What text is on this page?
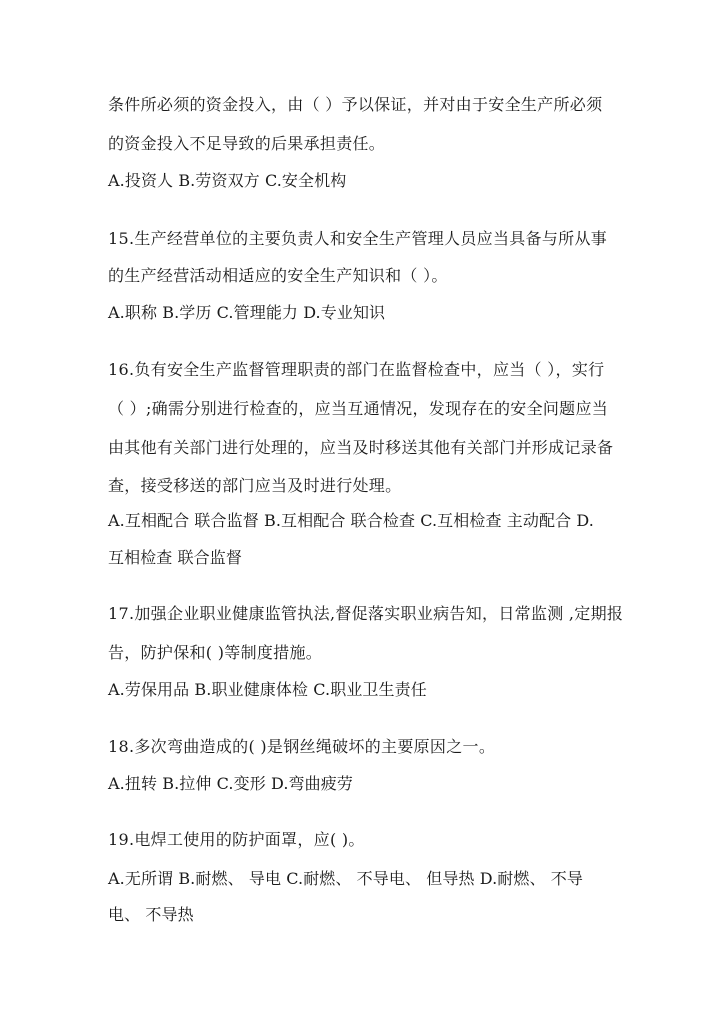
条件所必须的资金投入，由（ ）予以保证，并对由于安全生产所必须
的资金投入不足导致的后果承担责任。
A.投资人 B.劳资双方 C.安全机构
15.生产经营单位的主要负责人和安全生产管理人员应当具备与所从事
的生产经营活动相适应的安全生产知识和（ ）。
A.职称 B.学历 C.管理能力 D.专业知识
16.负有安全生产监督管理职责的部门在监督检查中，应当（ ），实行
（ ）;确需分别进行检查的，应当互通情况，发现存在的安全问题应当
由其他有关部门进行处理的，应当及时移送其他有关部门并形成记录备
查，接受移送的部门应当及时进行处理。
A.互相配合 联合监督 B.互相配合 联合检查 C.互相检查 主动配合 D.
互相检查 联合监督
17.加强企业职业健康监管执法,督促落实职业病告知，日常监测 ,定期报
告，防护保和( )等制度措施。
A.劳保用品 B.职业健康体检 C.职业卫生责任
18.多次弯曲造成的( )是钢丝绳破坏的主要原因之一。
A.扭转 B.拉伸 C.变形 D.弯曲疲劳
19.电焊工使用的防护面罩，应( )。
A.无所谓 B.耐燃、 导电 C.耐燃、 不导电、 但导热 D.耐燃、 不导
电、 不导热
